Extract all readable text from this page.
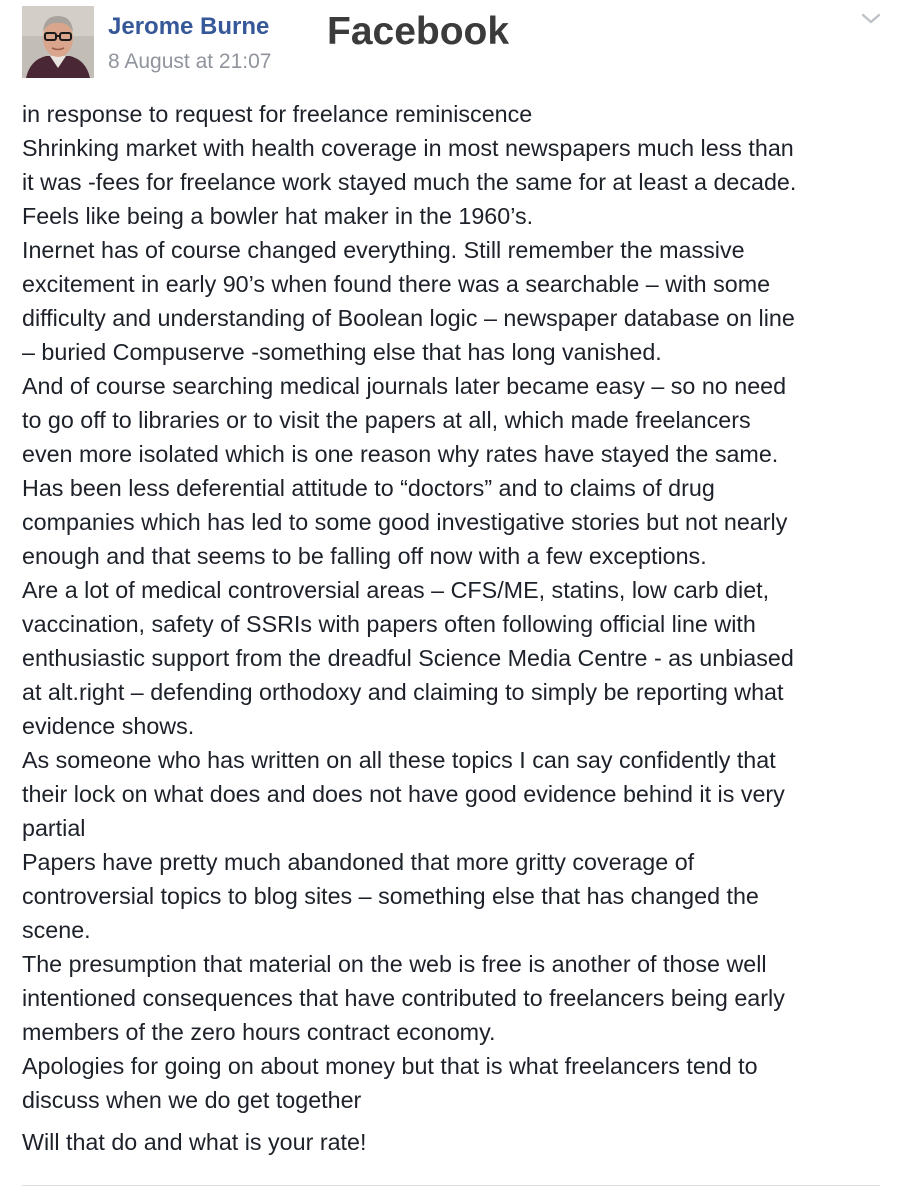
Jerome Burne
8 August at 21:07
Facebook
in response to request for freelance reminiscence
Shrinking market with health coverage in most newspapers much less than
it was -fees for freelance work stayed much the same for at least a decade.
Feels like being a bowler hat maker in the 1960’s.
Inernet has of course changed everything. Still remember the massive
excitement in early 90’s when found there was a searchable – with some
difficulty and understanding of Boolean logic – newspaper database on line
– buried Compuserve -something else that has long vanished.
And of course searching medical journals later became easy – so no need
to go off to libraries or to visit the papers at all, which made freelancers
even more isolated which is one reason why rates have stayed the same.
Has been less deferential attitude to “doctors” and to claims of drug
companies which has led to some good investigative stories but not nearly
enough and that seems to be falling off now with a few exceptions.
Are a lot of medical controversial areas – CFS/ME, statins, low carb diet,
vaccination, safety of SSRIs with papers often following official line with
enthusiastic support from the dreadful Science Media Centre - as unbiased
at alt.right – defending orthodoxy and claiming to simply be reporting what
evidence shows.
As someone who has written on all these topics I can say confidently that
their lock on what does and does not have good evidence behind it is very
partial
Papers have pretty much abandoned that more gritty coverage of
controversial topics to blog sites – something else that has changed the
scene.
The presumption that material on the web is free is another of those well
intentioned consequences that have contributed to freelancers being early
members of the zero hours contract economy.
Apologies for going on about money but that is what freelancers tend to
discuss when we do get together
Will that do and what is your rate!
